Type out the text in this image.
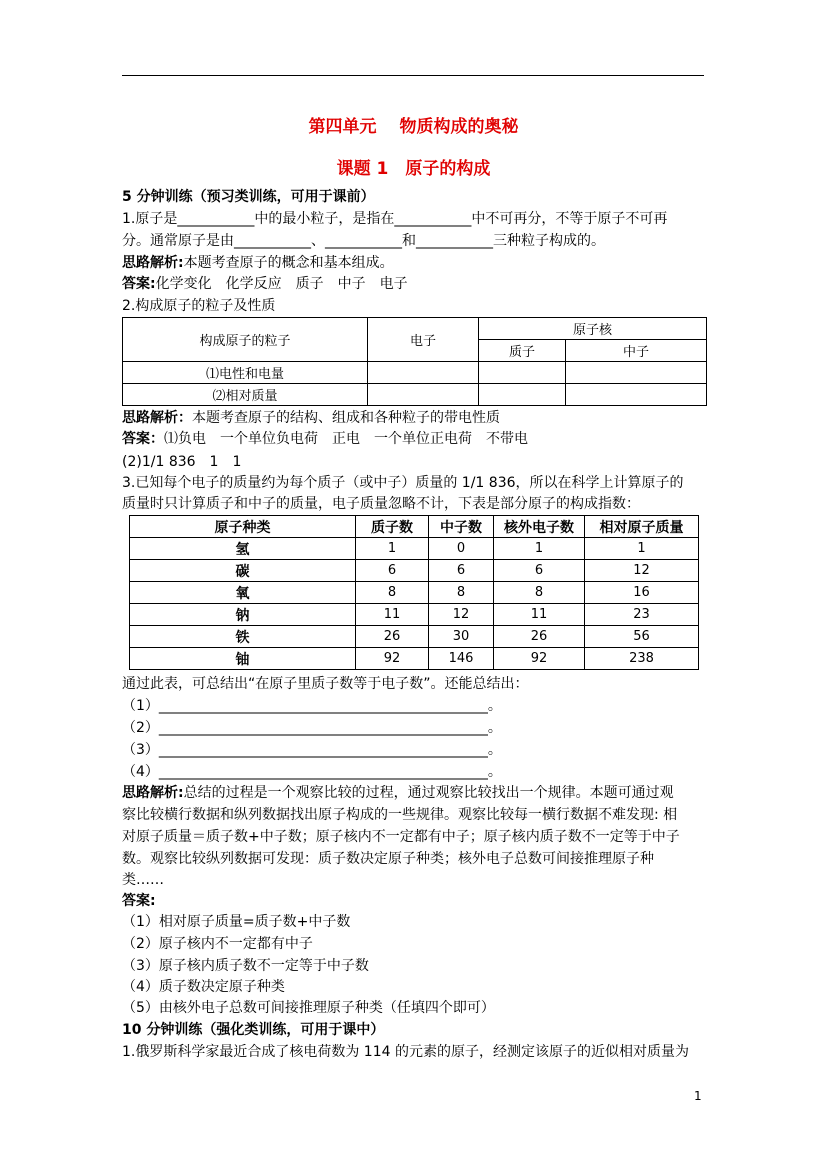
第四单元　 物质构成的奥秘
课题 1　原子的构成
5 分钟训练（预习类训练，可用于课前）
1.原子是___________中的最小粒子，是指在___________中不可再分，不等于原子不可再
分。通常原子是由___________、___________和___________三种粒子构成的。
思路解析:本题考查原子的概念和基本组成。
答案:化学变化　化学反应　质子　中子　电子
2.构成原子的粒子及性质
构成原子的粒子	电子	原子核	
		质子	中子
⑴电性和电量			
⑵相对质量			
思路解析：本题考查原子的结构、组成和各种粒子的带电性质
答案：⑴负电　一个单位负电荷　正电　一个单位正电荷　不带电
(2)1/1 836　1　1
3.已知每个电子的质量约为每个质子（或中子）质量的 1/1 836，所以在科学上计算原子的
质量时只计算质子和中子的质量，电子质量忽略不计，下表是部分原子的构成指数：
原子种类	质子数	中子数	核外电子数	相对原子质量
氢	1	0	1	1
碳	6	6	6	12
氧	8	8	8	16
钠	11	12	11	23
铁	26	30	26	56
铀	92	146	92	238
通过此表，可总结出“在原子里质子数等于电子数”。还能总结出：
（1）_______________________________________________。
（2）_______________________________________________。
（3）_______________________________________________。
（4）_______________________________________________。
思路解析:总结的过程是一个观察比较的过程，通过观察比较找出一个规律。本题可通过观
察比较横行数据和纵列数据找出原子构成的一些规律。观察比较每一横行数据不难发现: 相
对原子质量＝质子数+中子数；原子核内不一定都有中子；原子核内质子数不一定等于中子
数。观察比较纵列数据可发现：质子数决定原子种类；核外电子总数可间接推理原子种
类……
答案:
（1）相对原子质量=质子数+中子数
（2）原子核内不一定都有中子
（3）原子核内质子数不一定等于中子数
（4）质子数决定原子种类
（5）由核外电子总数可间接推理原子种类（任填四个即可）
10 分钟训练（强化类训练，可用于课中）
1.俄罗斯科学家最近合成了核电荷数为 114 的元素的原子，经测定该原子的近似相对质量为
1
